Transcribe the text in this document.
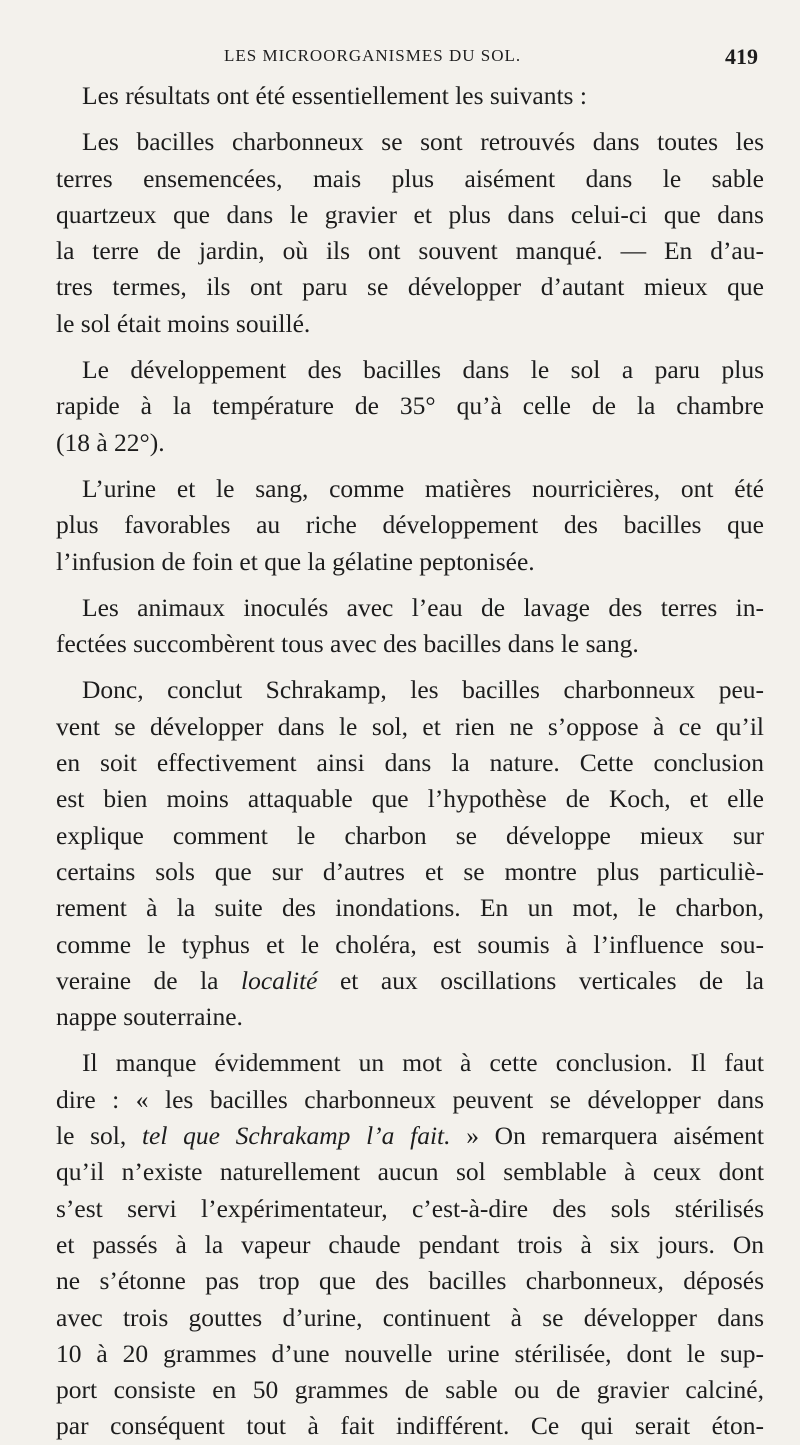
LES MICROORGANISMES DU SOL.	419
Les résultats ont été essentiellement les suivants :
Les bacilles charbonneux se sont retrouvés dans toutes les
terres ensemencées, mais plus aisément dans le sable
quartzeux que dans le gravier et plus dans celui-ci que dans
la terre de jardin, où ils ont souvent manqué. — En d’au-
tres termes, ils ont paru se développer d’autant mieux que
le sol était moins souillé.
Le développement des bacilles dans le sol a paru plus
rapide à la température de 35° qu’à celle de la chambre
(18 à 22°).
L’urine et le sang, comme matières nourricières, ont été
plus favorables au riche développement des bacilles que
l’infusion de foin et que la gélatine peptonisée.
Les animaux inoculés avec l’eau de lavage des terres in-
fectées succombèrent tous avec des bacilles dans le sang.
Donc, conclut Schrakamp, les bacilles charbonneux peu-
vent se développer dans le sol, et rien ne s’oppose à ce qu’il
en soit effectivement ainsi dans la nature. Cette conclusion
est bien moins attaquable que l’hypothèse de Koch, et elle
explique comment le charbon se développe mieux sur
certains sols que sur d’autres et se montre plus particuliè-
rement à la suite des inondations. En un mot, le charbon,
comme le typhus et le choléra, est soumis à l’influence sou-
veraine de la localité et aux oscillations verticales de la
nappe souterraine.
Il manque évidemment un mot à cette conclusion. Il faut
dire : « les bacilles charbonneux peuvent se développer dans
le sol, tel que Schrakamp l’a fait. » On remarquera aisément
qu’il n’existe naturellement aucun sol semblable à ceux dont
s’est servi l’expérimentateur, c’est-à-dire des sols stérilisés
et passés à la vapeur chaude pendant trois à six jours. On
ne s’étonne pas trop que des bacilles charbonneux, déposés
avec trois gouttes d’urine, continuent à se développer dans
10 à 20 grammes d’une nouvelle urine stérilisée, dont le sup-
port consiste en 50 grammes de sable ou de gravier calciné,
par conséquent tout à fait indifférent. Ce qui serait éton-
